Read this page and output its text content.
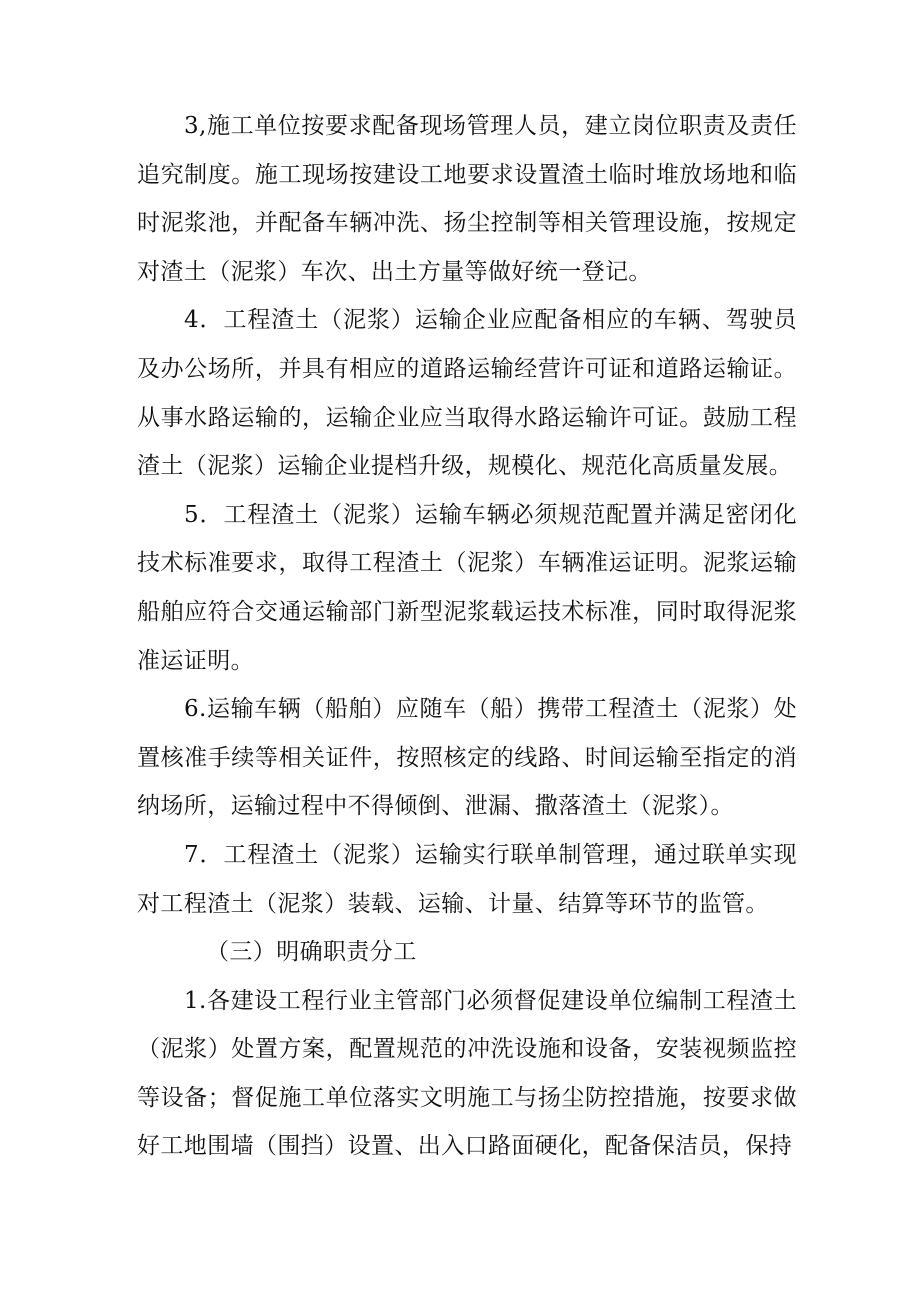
3,施工单位按要求配备现场管理人员，建立岗位职责及责任追究制度。施工现场按建设工地要求设置渣土临时堆放场地和临时泥浆池，并配备车辆冲洗、扬尘控制等相关管理设施，按规定对渣土（泥浆）车次、出土方量等做好统一登记。

4．工程渣土（泥浆）运输企业应配备相应的车辆、驾驶员及办公场所，并具有相应的道路运输经营许可证和道路运输证。从事水路运输的，运输企业应当取得水路运输许可证。鼓励工程渣土（泥浆）运输企业提档升级，规模化、规范化高质量发展。

5．工程渣土（泥浆）运输车辆必须规范配置并满足密闭化技术标准要求，取得工程渣土（泥浆）车辆准运证明。泥浆运输船舶应符合交通运输部门新型泥浆载运技术标准，同时取得泥浆准运证明。

6.运输车辆（船舶）应随车（船）携带工程渣土（泥浆）处置核准手续等相关证件，按照核定的线路、时间运输至指定的消纳场所，运输过程中不得倾倒、泄漏、撒落渣土（泥浆）。

7．工程渣土（泥浆）运输实行联单制管理，通过联单实现对工程渣土（泥浆）装载、运输、计量、结算等环节的监管。

（三）明确职责分工

1.各建设工程行业主管部门必须督促建设单位编制工程渣土（泥浆）处置方案，配置规范的冲洗设施和设备，安装视频监控等设备；督促施工单位落实文明施工与扬尘防控措施，按要求做好工地围墙（围挡）设置、出入口路面硬化，配备保洁员，保持
